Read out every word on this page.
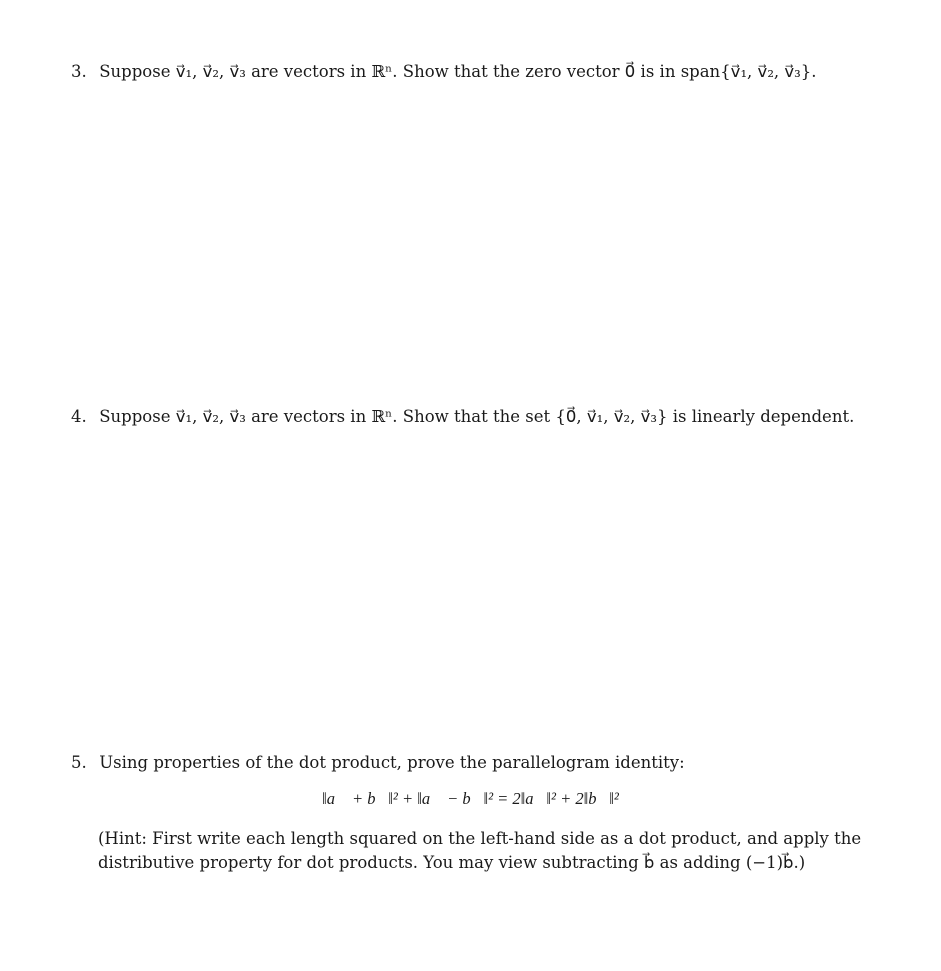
3. Suppose v⃗₁, v⃗₂, v⃗₃ are vectors in ℝⁿ. Show that the zero vector 0⃗ is in span{v⃗₁, v⃗₂, v⃗₃}.
4. Suppose v⃗₁, v⃗₂, v⃗₃ are vectors in ℝⁿ. Show that the set {0⃗, v⃗₁, v⃗₂, v⃗₃} is linearly dependent.
5. Using properties of the dot product, prove the parallelogram identity:
‖a⃗ + b⃗‖² + ‖a⃗ − b⃗‖² = 2‖a⃗‖² + 2‖b⃗‖²
(Hint: First write each length squared on the left-hand side as a dot product, and apply the distributive property for dot products. You may view subtracting b⃗ as adding (−1)b⃗.)
